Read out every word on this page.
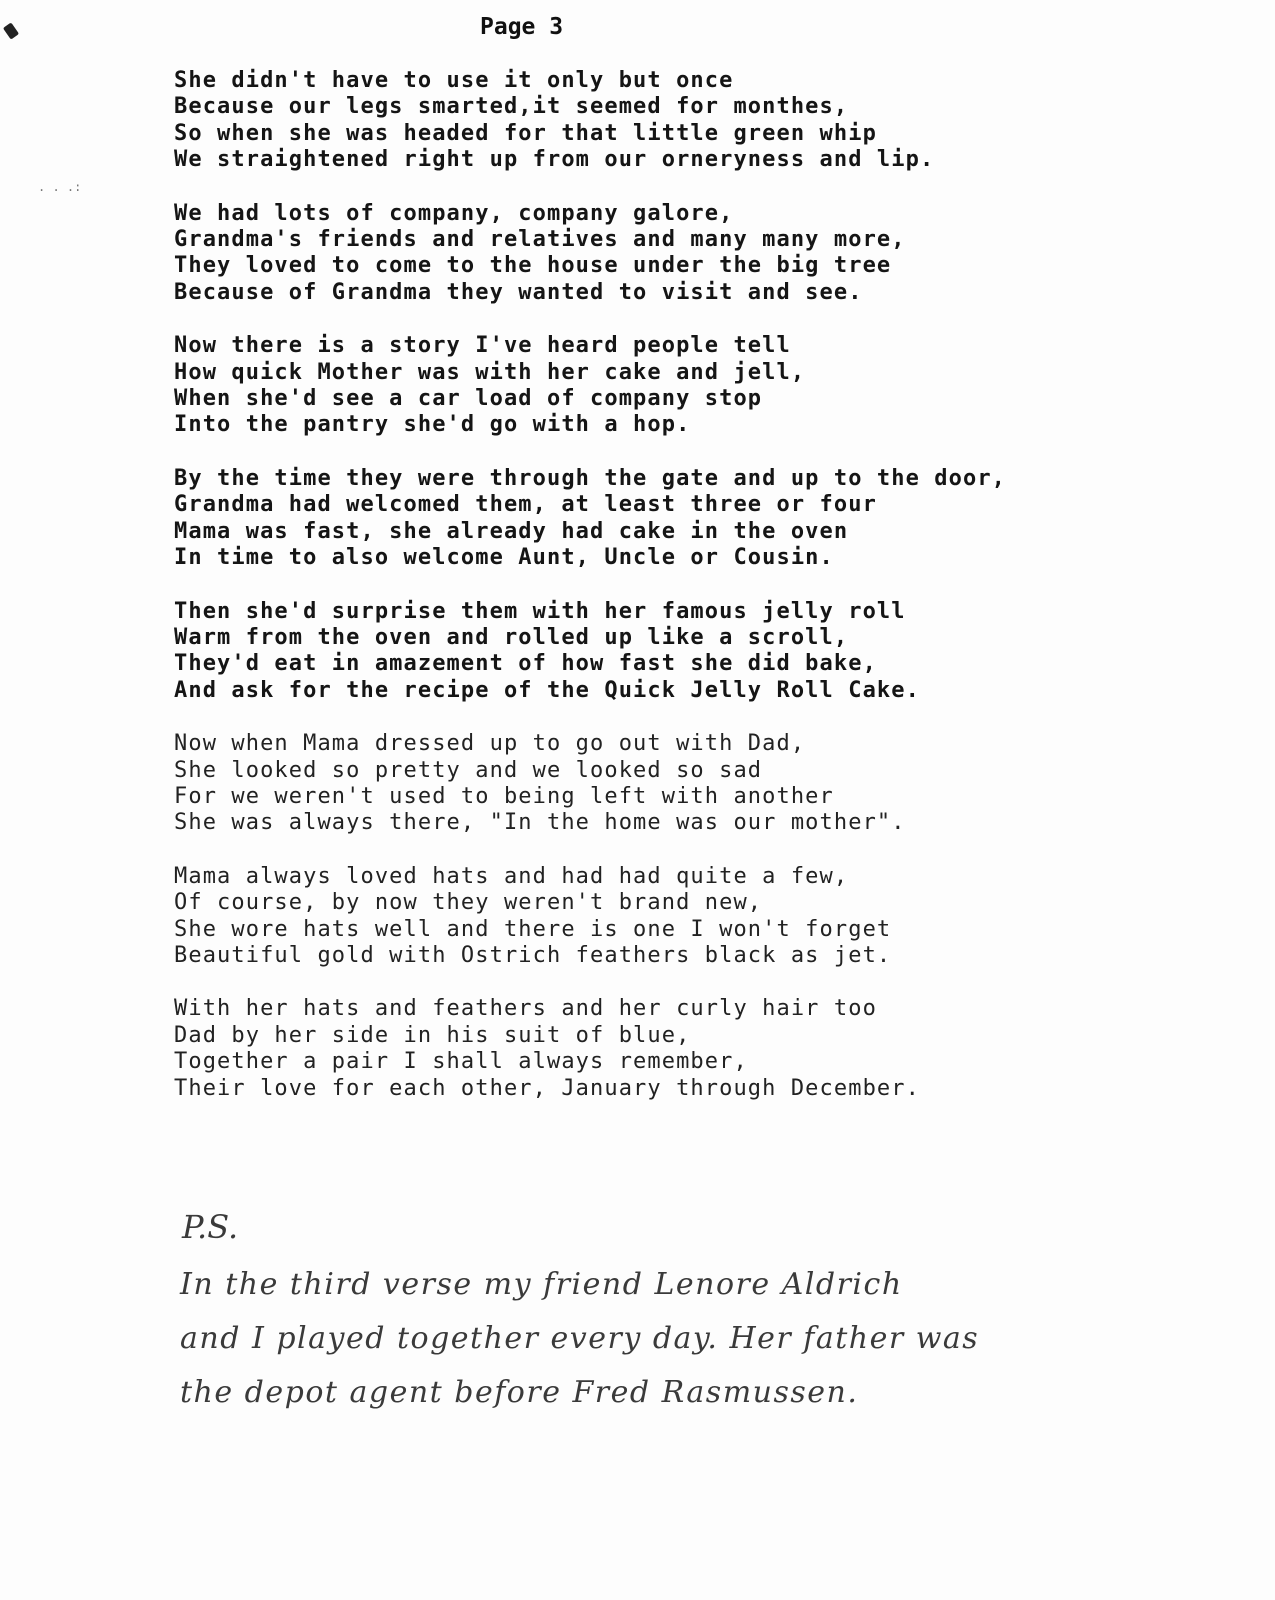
. . .:
Page 3
She didn't have to use it only but once
Because our legs smarted,it seemed for monthes,
So when she was headed for that little green whip
We straightened right up from our orneryness and lip.
We had lots of company, company galore,
Grandma's friends and relatives and many many more,
They loved to come to the house under the big tree
Because of Grandma they wanted to visit and see.
Now there is a story I've heard people tell
How quick Mother was with her cake and jell,
When she'd see a car load of company stop
Into the pantry she'd go with a hop.
By the time they were through the gate and up to the door,
Grandma had welcomed them, at least three or four
Mama was fast, she already had cake in the oven
In time to also welcome Aunt, Uncle or Cousin.
Then she'd surprise them with her famous jelly roll
Warm from the oven and rolled up like a scroll,
They'd eat in amazement of how fast she did bake,
And ask for the recipe of the Quick Jelly Roll Cake.
Now when Mama dressed up to go out with Dad,
She looked so pretty and we looked so sad
For we weren't used to being left with another
She was always there, "In the home was our mother".
Mama always loved hats and had had quite a few,
Of course, by now they weren't brand new,
She wore hats well and there is one I won't forget
Beautiful gold with Ostrich feathers black as jet.
With her hats and feathers and her curly hair too
Dad by her side in his suit of blue,
Together a pair I shall always remember,
Their love for each other, January through December.
P.S.
In the third verse my friend Lenore Aldrich
and I played together every day. Her father was
the depot agent before Fred Rasmussen.
